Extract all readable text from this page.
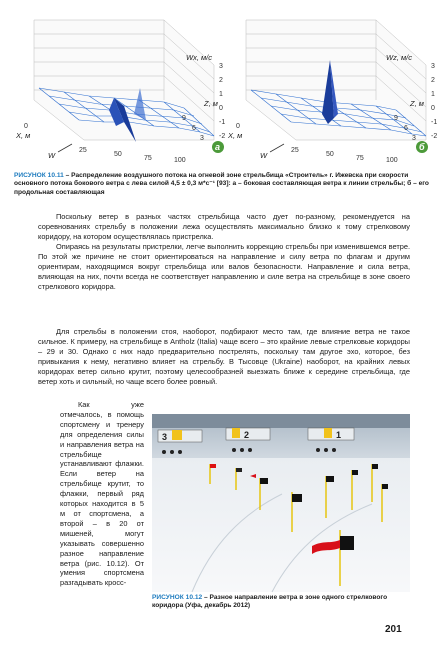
3
2
1
0
-1
-2
0
25
50
75	100
9
6
3
Wx, м/с
Z, м
X, м
W
а
3
2
1
0
-1
-2
0
25
50
75	100
9
6
3
Wz, м/с
Z, м
X, м
W
б
РИСУНОК 10.11 – Распределение воздушного потока на огневой зоне стрельбища «Строитель» г. Ижевска при скорости основного потока бокового ветра с левa силой 4,5 ± 0,3 м*с⁻¹ [93]: а – боковая составляющая ветра к линии стрельбы; б – его продольная составляющая

Поскольку ветер в разных частях стрельбища часто дует по-разному, рекомендуется на соревнованиях стрельбу в положении лежа осуществлять максимально близко к тому стрелковому коридору, на котором осуществлялась пристрелка.

Опираясь на результаты пристрелки, легче выполнить коррекцию стрельбы при изменившемся ветре. По этой же причине не стоит ориентироваться на направление и силу ветра по флагам и другим ориентирам, находящимся вокруг стрельбища или валов безопасности. Направление и сила ветра, влияющая на них, почти всегда не соответствует направлению и силе ветра на стрельбище в зоне своего стрелкового коридора.

Для стрельбы в положении стоя, наоборот, подбирают место там, где влияние ветра не такое сильное. К примеру, на стрельбище в Antholz (Italia) чаще всего – это крайние левые стрелковые коридоры – 29 и 30. Однако с них надо предварительно пострелять, поскольку там другое эхо, которое, без привыкания к нему, негативно влияет на стрельбу. В Тысовце (Ukraine) наоборот, на крайних левых коридорах ветер сильно крутит, поэтому целесообразней выезжать ближе к середине стрельбища, где ветер хоть и сильный, но чаще всего более ровный.

Как уже отмечалось, в помощь спортсмену и тренеру для определения силы и направления ветра на стрельбище устанавливают флажки. Если ветер на стрельбище крутит, то флажки, первый ряд которых находится в 5 м от спортсмена, а второй – в 20 от мишеней, могут указывать совершенно разное направление ветра (рис. 10.12). От умения спортсмена разгадывать кросс-

3	2	1
РИСУНОК 10.12 – Разное направление ветра в зоне одного стрелкового коридора (Уфа, декабрь 2012)
201
